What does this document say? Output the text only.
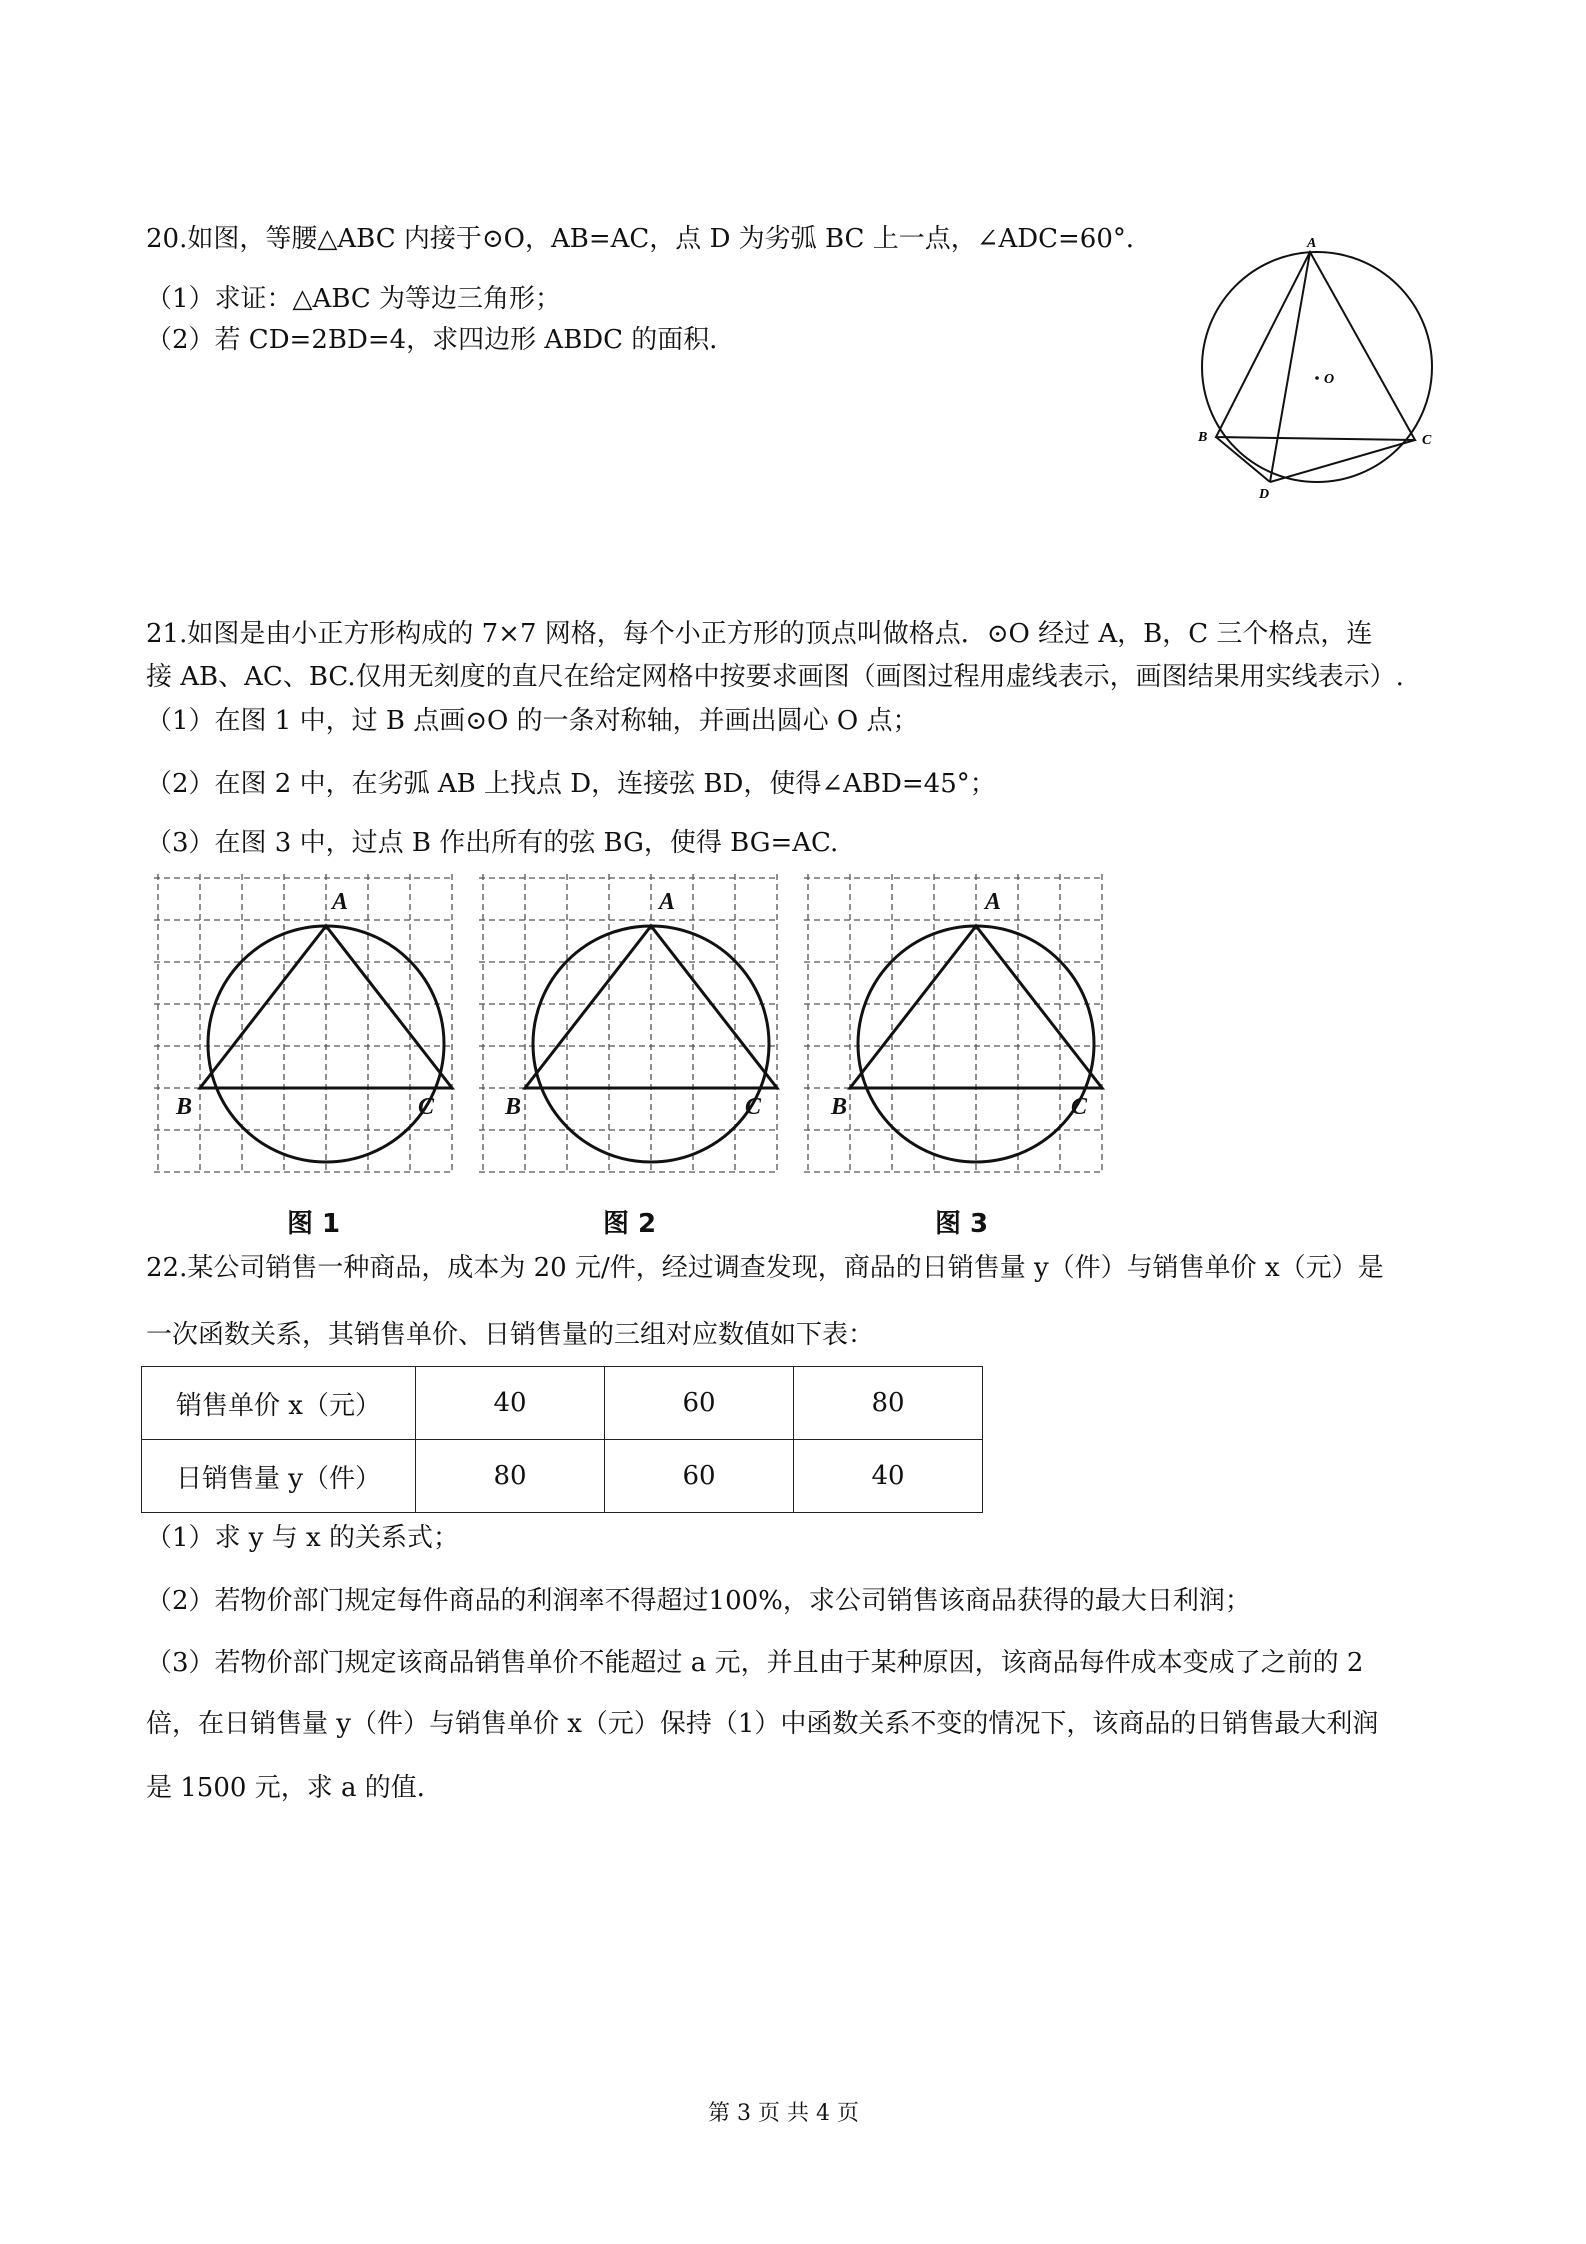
20.如图，等腰△ABC 内接于⊙O，AB=AC，点 D 为劣弧 BC 上一点，∠ADC=60°．
（1）求证：△ABC 为等边三角形；
（2）若 CD=2BD=4，求四边形 ABDC 的面积．
A
B	C
D
O
21.如图是由小正方形构成的 7×7 网格，每个小正方形的顶点叫做格点．⊙O 经过 A，B，C 三个格点，连
接 AB、AC、BC.仅用无刻度的直尺在给定网格中按要求画图（画图过程用虚线表示，画图结果用实线表示）.
（1）在图 1 中，过 B 点画⊙O 的一条对称轴，并画出圆心 O 点；
（2）在图 2 中，在劣弧 AB 上找点 D，连接弦 BD，使得∠ABD=45°；
（3）在图 3 中，过点 B 作出所有的弦 BG，使得 BG=AC.
A
B	C
A
B	C
A
B	C
图 1	图 2	图 3
22.某公司销售一种商品，成本为 20 元/件，经过调查发现，商品的日销售量 y（件）与销售单价 x（元）是
一次函数关系，其销售单价、日销售量的三组对应数值如下表：
销售单价 x（元）	40	60	80
日销售量 y（件）	80	60	40
（1）求 y 与 x 的关系式；
（2）若物价部门规定每件商品的利润率不得超过100%，求公司销售该商品获得的最大日利润；
（3）若物价部门规定该商品销售单价不能超过 a 元，并且由于某种原因，该商品每件成本变成了之前的 2
倍，在日销售量 y（件）与销售单价 x（元）保持（1）中函数关系不变的情况下，该商品的日销售最大利润
是 1500 元，求 a 的值．
第 3 页 共 4 页
